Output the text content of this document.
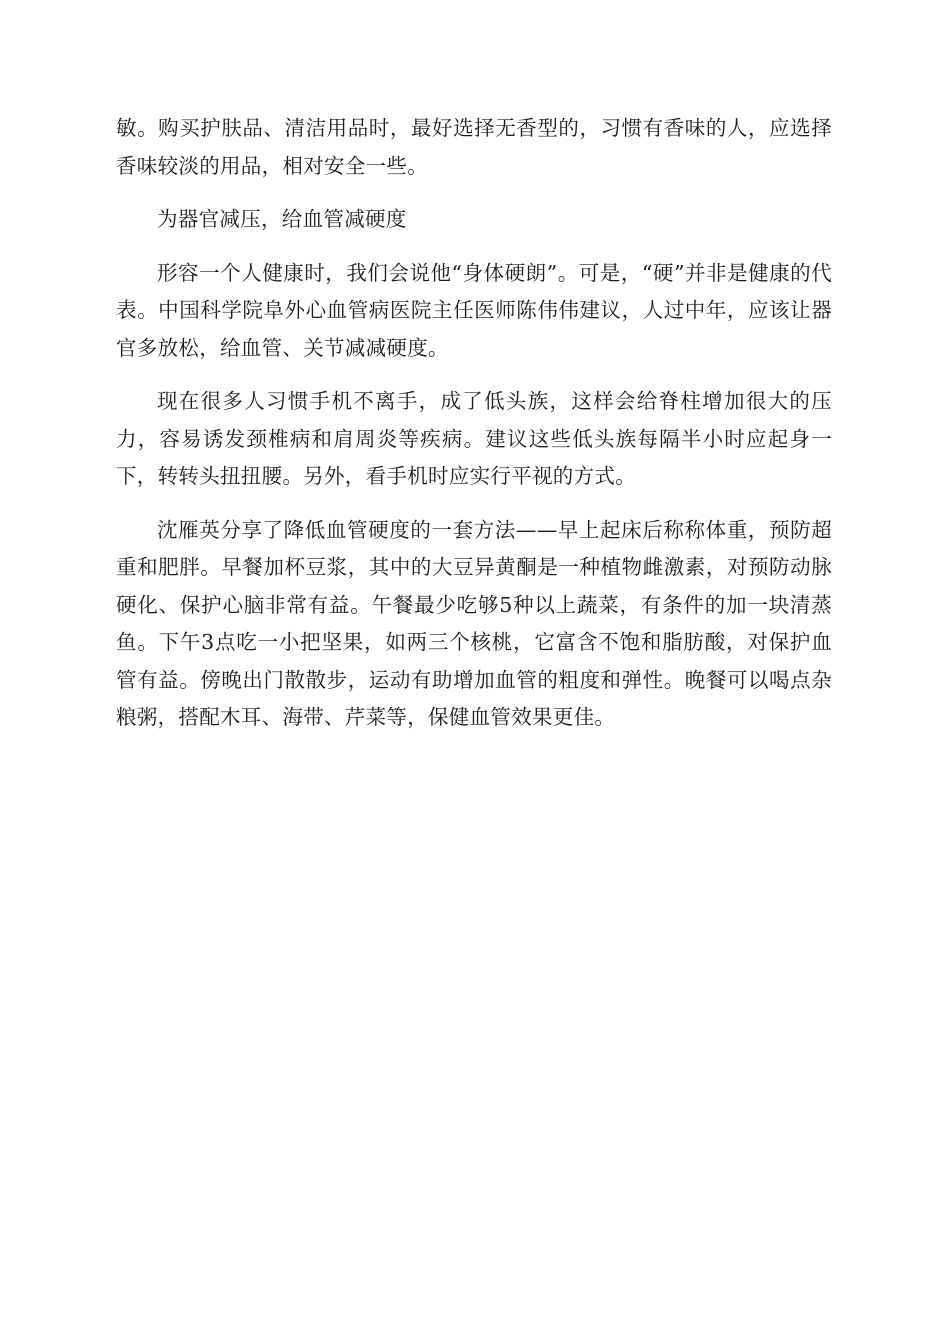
敏。购买护肤品、清洁用品时，最好选择无香型的，习惯有香味的人，应选择香味较淡的用品，相对安全一些。

为器官减压，给血管减硬度

形容一个人健康时，我们会说他“身体硬朗”。可是，“硬”并非是健康的代表。中国科学院阜外心血管病医院主任医师陈伟伟建议，人过中年，应该让器官多放松，给血管、关节减减硬度。

现在很多人习惯手机不离手，成了低头族，这样会给脊柱增加很大的压力，容易诱发颈椎病和肩周炎等疾病。建议这些低头族每隔半小时应起身一下，转转头扭扭腰。另外，看手机时应实行平视的方式。

沈雁英分享了降低血管硬度的一套方法——早上起床后称称体重，预防超重和肥胖。早餐加杯豆浆，其中的大豆异黄酮是一种植物雌激素，对预防动脉硬化、保护心脑非常有益。午餐最少吃够5种以上蔬菜，有条件的加一块清蒸鱼。下午3点吃一小把坚果，如两三个核桃，它富含不饱和脂肪酸，对保护血管有益。傍晚出门散散步，运动有助增加血管的粗度和弹性。晚餐可以喝点杂粮粥，搭配木耳、海带、芹菜等，保健血管效果更佳。
